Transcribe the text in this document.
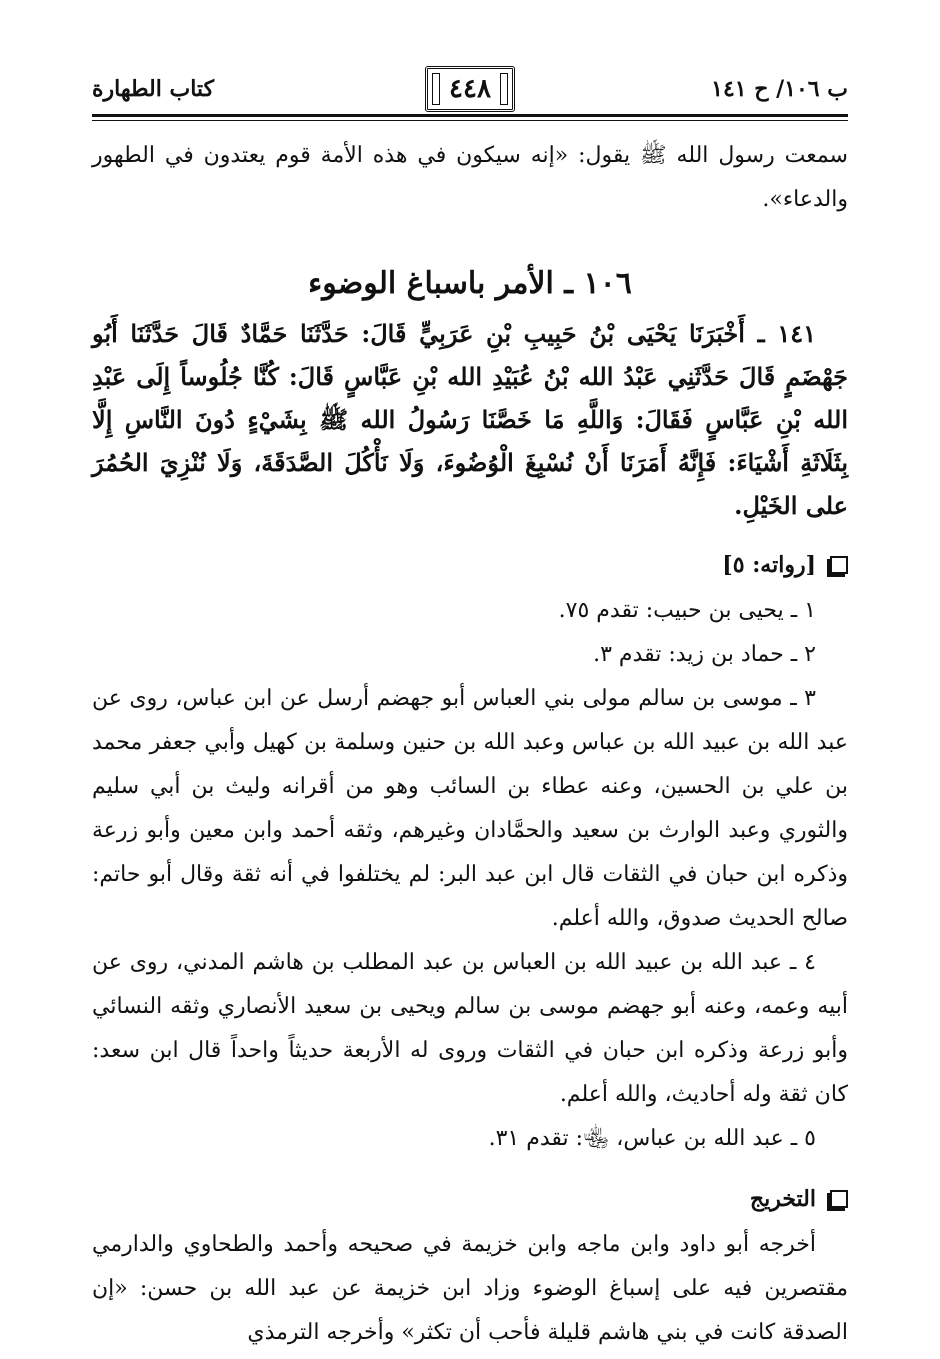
ب ١٠٦/ ح ١٤١
٤٤٨
كتاب الطهارة

سمعت رسول الله ﷺ يقول: «إنه سيكون في هذه الأمة قوم يعتدون في الطهور والدعاء».

١٠٦ ـ الأمر باسباغ الوضوء

١٤١ ـ أَخْبَرَنَا يَحْيَى بْنُ حَبِيبِ بْنِ عَرَبِيٍّ قَالَ: حَدَّثَنَا حَمَّادٌ قَالَ حَدَّثَنَا أَبُو جَهْضَمٍ قَالَ حَدَّثَنِي عَبْدُ الله بْنُ عُبَيْدِ الله بْنِ عَبَّاسٍ قَالَ: كُنَّا جُلُوساً إِلَى عَبْدِ الله بْنِ عَبَّاسٍ فَقَالَ: وَاللَّهِ مَا خَصَّنَا رَسُولُ الله ﷺ بِشَيْءٍ دُونَ النَّاسِ إِلَّا بِثَلَاثَةِ أَشْيَاءَ: فَإِنَّهُ أَمَرَنَا أَنْ نُسْبِغَ الْوُضُوءَ، وَلَا نَأْكُلَ الصَّدَقَةَ، وَلَا نُنْزِيَ الحُمُرَ على الخَيْلِ.

[رواته: ٥]

١ ـ يحيى بن حبيب: تقدم ٧٥.

٢ ـ حماد بن زيد: تقدم ٣.

٣ ـ موسى بن سالم مولى بني العباس أبو جهضم أرسل عن ابن عباس، روى عن عبد الله بن عبيد الله بن عباس وعبد الله بن حنين وسلمة بن كهيل وأبي جعفر محمد بن علي بن الحسين، وعنه عطاء بن السائب وهو من أقرانه وليث بن أبي سليم والثوري وعبد الوارث بن سعيد والحمَّادان وغيرهم، وثقه أحمد وابن معين وأبو زرعة وذكره ابن حبان في الثقات قال ابن عبد البر: لم يختلفوا في أنه ثقة وقال أبو حاتم: صالح الحديث صدوق، والله أعلم.

٤ ـ عبد الله بن عبيد الله بن العباس بن عبد المطلب بن هاشم المدني، روى عن أبيه وعمه، وعنه أبو جهضم موسى بن سالم ويحيى بن سعيد الأنصاري وثقه النسائي وأبو زرعة وذكره ابن حبان في الثقات وروى له الأربعة حديثاً واحداً قال ابن سعد: كان ثقة وله أحاديث، والله أعلم.

٥ ـ عبد الله بن عباس، ﵄: تقدم ٣١.

التخريج

أخرجه أبو داود وابن ماجه وابن خزيمة في صحيحه وأحمد والطحاوي والدارمي مقتصرين فيه على إسباغ الوضوء وزاد ابن خزيمة عن عبد الله بن حسن: «إن الصدقة كانت في بني هاشم قليلة فأحب أن تكثر» وأخرجه الترمذي
